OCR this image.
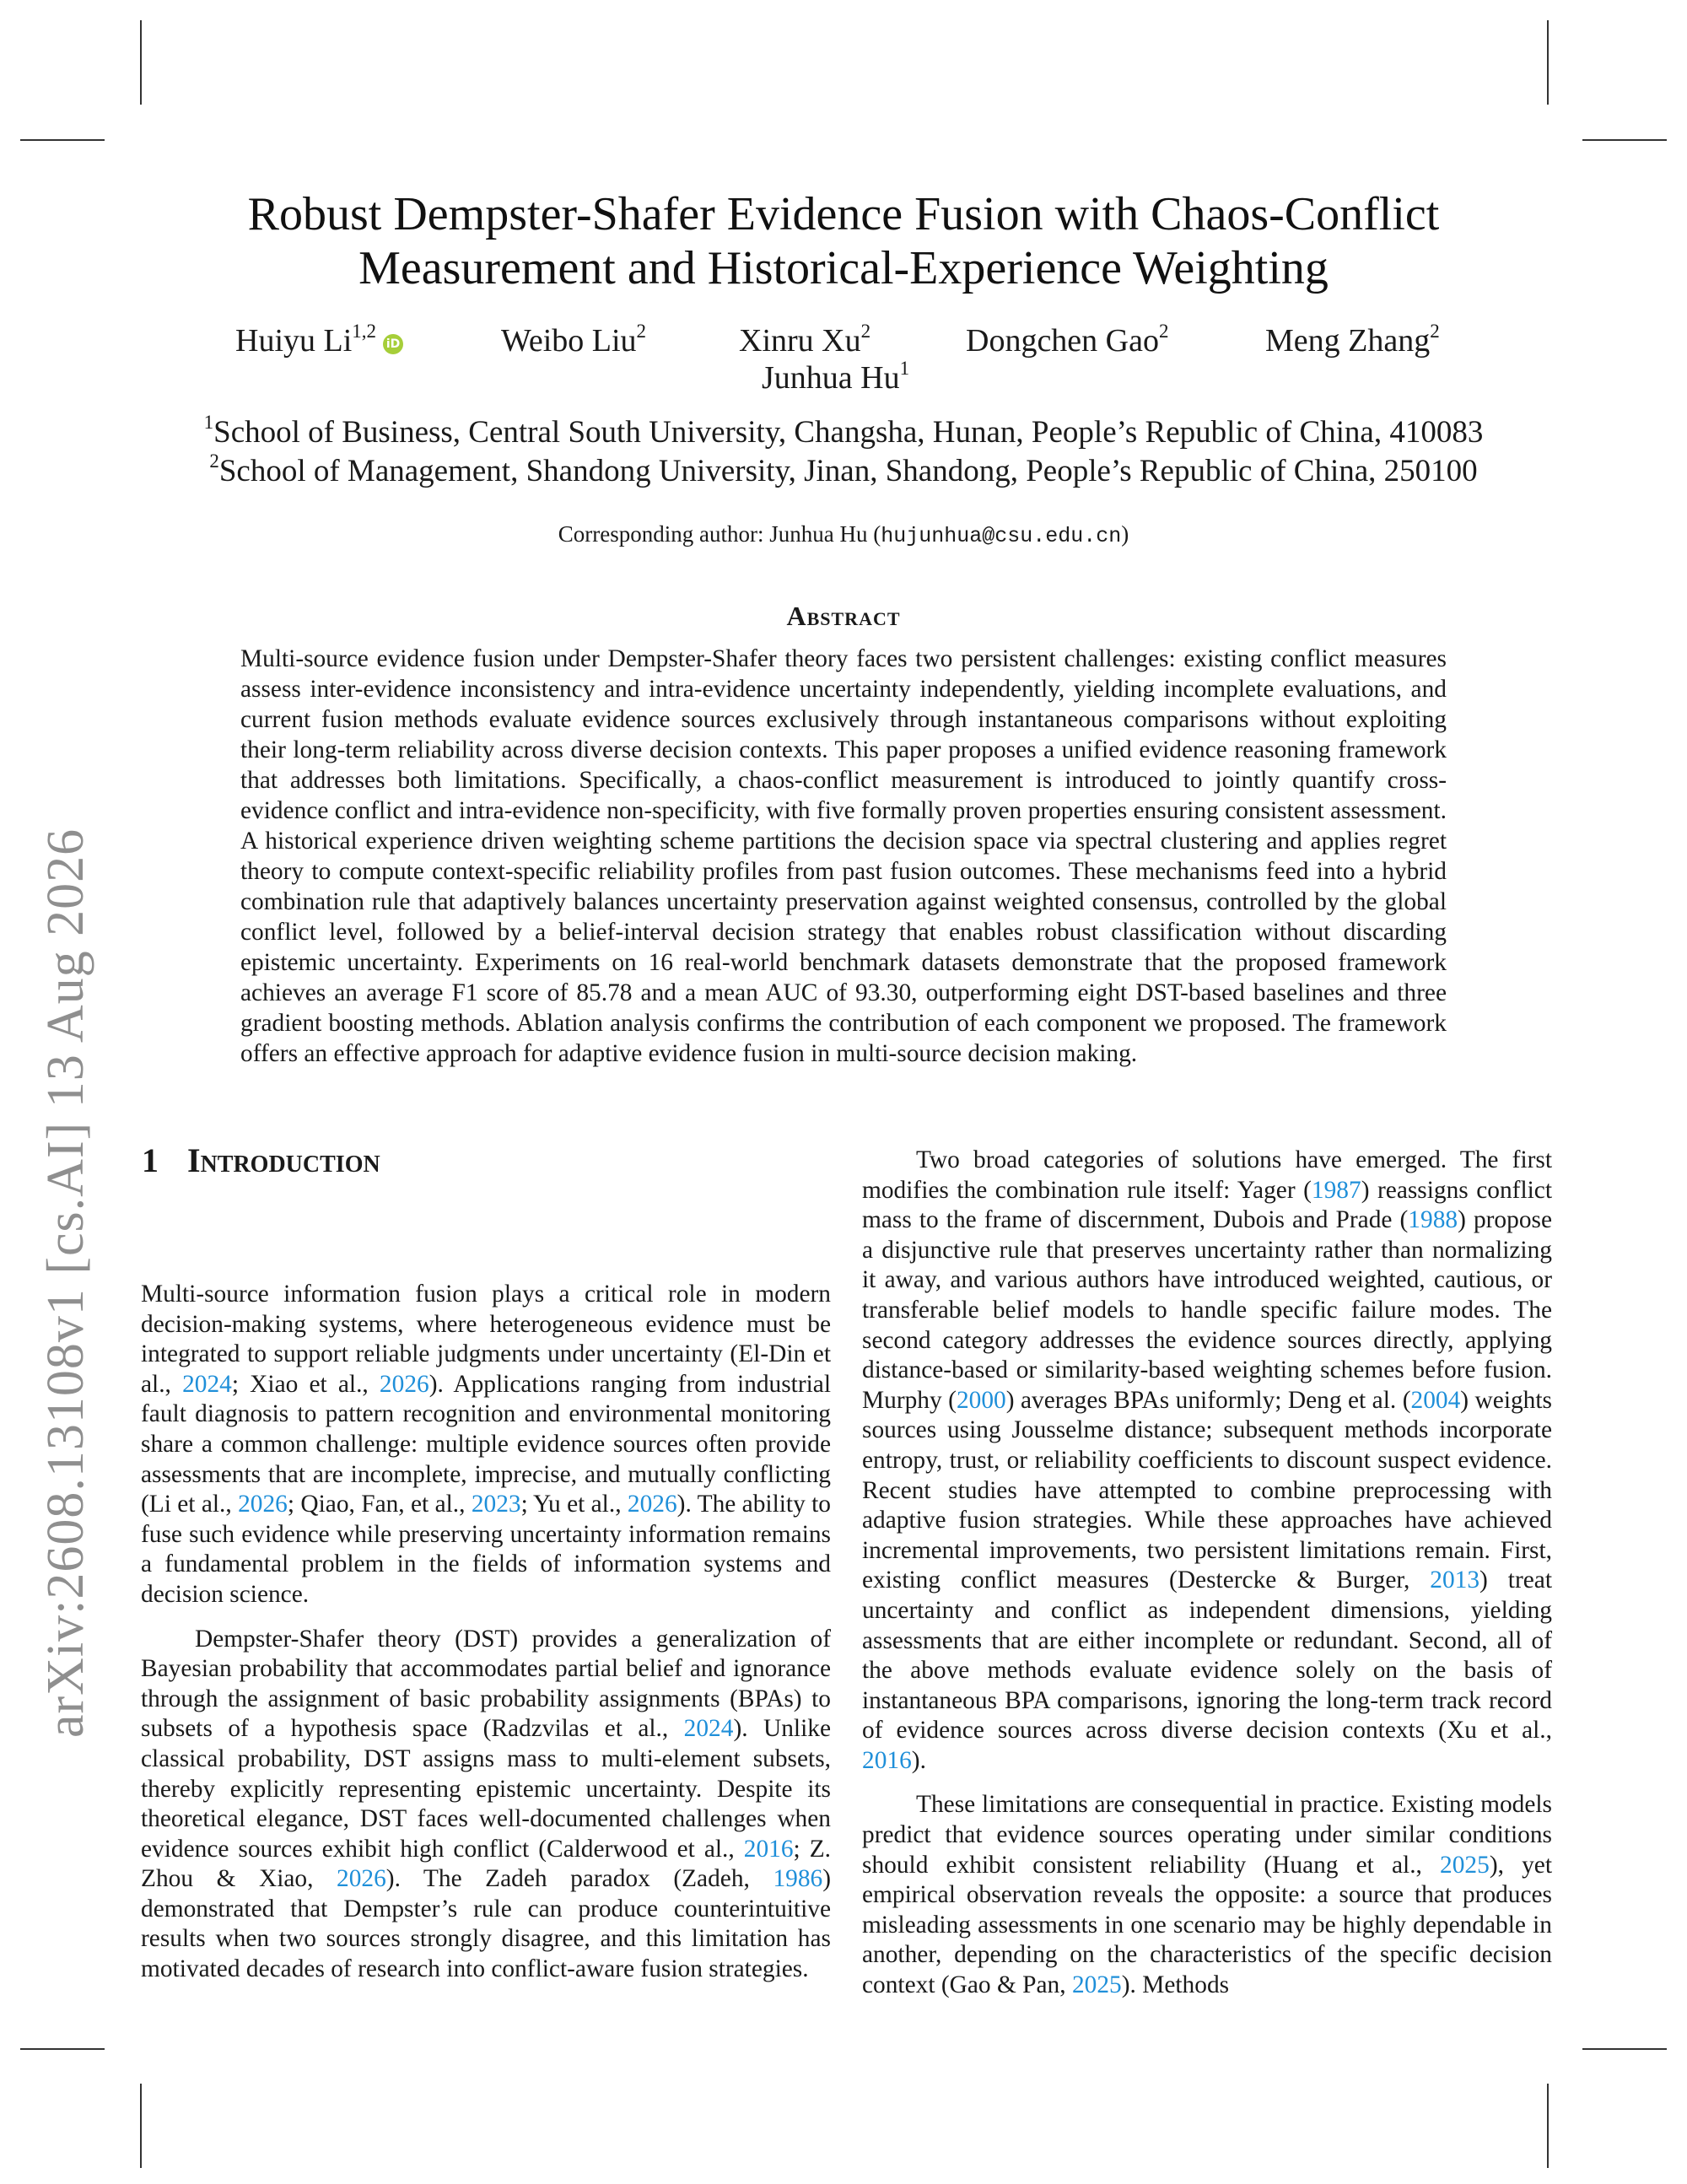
arXiv:2608.13108v1 [cs.AI] 13 Aug 2026
Robust Dempster-Shafer Evidence Fusion with Chaos-Conflict
Measurement and Historical-Experience Weighting
Huiyu Li$^{1,2}$iD	Weibo Liu$^2$	Xinru Xu$^2$	Dongchen Gao$^2$	Meng Zhang$^2$
Junhua Hu$^1$
$^1$School of Business, Central South University, Changsha, Hunan, People’s Republic of China, 410083
$^2$School of Management, Shandong University, Jinan, Shandong, People’s Republic of China, 250100
Corresponding author: Junhua Hu (hujunhua@csu.edu.cn)
Abstract
Multi-source evidence fusion under Dempster-Shafer theory faces two persistent challenges: existing conflict measures assess inter-evidence inconsistency and intra-evidence uncertainty independently, yielding incomplete evaluations, and current fusion methods evaluate evidence sources exclusively through instantaneous comparisons without exploiting their long-term reliability across diverse decision contexts. This paper proposes a unified evidence reasoning framework that addresses both limitations. Specifically, a chaos-conflict measurement is introduced to jointly quantify cross-evidence conflict and intra-evidence non-specificity, with five formally proven properties ensuring consistent assessment. A historical experience driven weighting scheme partitions the decision space via spectral clustering and applies regret theory to compute context-specific reliability profiles from past fusion outcomes. These mechanisms feed into a hybrid combination rule that adaptively balances uncertainty preservation against weighted consensus, controlled by the global conflict level, followed by a belief-interval decision strategy that enables robust classification without discarding epistemic uncertainty. Experiments on 16 real-world benchmark datasets demonstrate that the proposed framework achieves an average F1 score of 85.78 and a mean AUC of 93.30, outperforming eight DST-based baselines and three gradient boosting methods. Ablation analysis confirms the contribution of each component we proposed. The framework offers an effective approach for adaptive evidence fusion in multi-source decision making.
1 Introduction

Multi-source information fusion plays a critical role in modern decision-making systems, where heterogeneous evidence must be integrated to support reliable judgments under uncertainty (El-Din et al., 2024; Xiao et al., 2026). Applications ranging from industrial fault diagnosis to pattern recognition and environmental monitoring share a common challenge: multiple evidence sources often provide assessments that are incomplete, imprecise, and mutually conflicting (Li et al., 2026; Qiao, Fan, et al., 2023; Yu et al., 2026). The ability to fuse such evidence while preserving uncertainty information remains a fundamental problem in the fields of information systems and decision science.

Dempster-Shafer theory (DST) provides a generalization of Bayesian probability that accommodates partial belief and ignorance through the assignment of basic probability assignments (BPAs) to subsets of a hypothesis space (Radzvilas et al., 2024). Unlike classical probability, DST assigns mass to multi-element subsets, thereby explicitly representing epistemic uncertainty. Despite its theoretical elegance, DST faces well-documented challenges when evidence sources exhibit high conflict (Calderwood et al., 2016; Z. Zhou & Xiao, 2026). The Zadeh paradox (Zadeh, 1986) demonstrated that Dempster’s rule can produce counterintuitive results when two sources strongly disagree, and this limitation has motivated decades of research into conflict-aware fusion strategies.

Two broad categories of solutions have emerged. The first modifies the combination rule itself: Yager (1987) reassigns conflict mass to the frame of discernment, Dubois and Prade (1988) propose a disjunctive rule that preserves uncertainty rather than normalizing it away, and various authors have introduced weighted, cautious, or transferable belief models to handle specific failure modes. The second category addresses the evidence sources directly, applying distance-based or similarity-based weighting schemes before fusion. Murphy (2000) averages BPAs uniformly; Deng et al. (2004) weights sources using Jousselme distance; subsequent methods incorporate entropy, trust, or reliability coefficients to discount suspect evidence. Recent studies have attempted to combine preprocessing with adaptive fusion strategies. While these approaches have achieved incremental improvements, two persistent limitations remain. First, existing conflict measures (Destercke & Burger, 2013) treat uncertainty and conflict as independent dimensions, yielding assessments that are either incomplete or redundant. Second, all of the above methods evaluate evidence solely on the basis of instantaneous BPA comparisons, ignoring the long-term track record of evidence sources across diverse decision contexts (Xu et al., 2016).

These limitations are consequential in practice. Existing models predict that evidence sources operating under similar conditions should exhibit consistent reliability (Huang et al., 2025), yet empirical observation reveals the opposite: a source that produces misleading assessments in one scenario may be highly dependable in another, depending on the characteristics of the specific decision context (Gao & Pan, 2025). Methods
